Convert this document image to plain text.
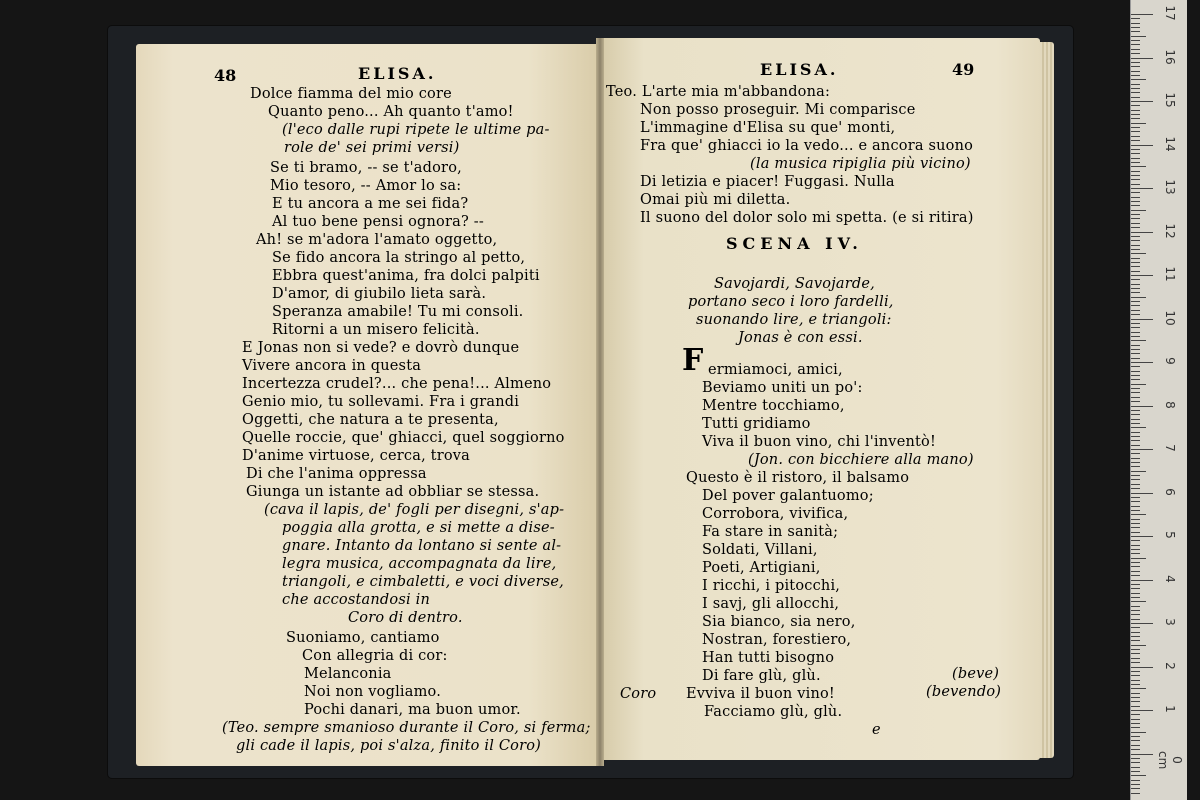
Dolce fiamma del mio core
Quanto peno... Ah quanto t'amo!
(l'eco dalle rupi ripete le ultime pa-
role de' sei primi versi)
Se ti bramo, -- se t'adoro,
Mio tesoro, -- Amor lo sa:
E tu ancora a me sei fida?
Al tuo bene pensi ognora? --
Ah! se m'adora l'amato oggetto,
Se fido ancora la stringo al petto,
Ebbra quest'anima, fra dolci palpiti
D'amor, di giubilo lieta sarà.
Speranza amabile! Tu mi consoli.
Ritorni a un misero felicità.
E Jonas non si vede? e dovrò dunque
Vivere ancora in questa
Incertezza crudel?... che pena!... Almeno
Genio mio, tu sollevami. Fra i grandi
Oggetti, che natura a te presenta,
Quelle roccie, que' ghiacci, quel soggiorno
D'anime virtuose, cerca, trova
Di che l'anima oppressa
Giunga un istante ad obbliar se stessa.
(cava il lapis, de' fogli per disegni, s'ap-
poggia alla grotta, e si mette a dise-
gnare. Intanto da lontano si sente al-
legra musica, accompagnata da lire,
triangoli, e cimbaletti, e voci diverse,
che accostandosi in
Coro di dentro.
Suoniamo, cantiamo
Con allegria di cor:
Melanconia
Noi non vogliamo.
Pochi danari, ma buon umor.
(Teo. sempre smanioso durante il Coro, si ferma;
gli cade il lapis, poi s'alza, finito il Coro)
Teo. L'arte mia m'abbandona:
Non posso proseguir. Mi comparisce
L'immagine d'Elisa su que' monti,
Fra que' ghiacci io la vedo... e ancora suono
(la musica ripiglia più vicino)
Di letizia e piacer! Fuggasi. Nulla
Omai più mi diletta.
Il suono del dolor solo mi spetta. (e si ritira)
Savojardi, Savojarde,
portano seco i loro fardelli,
suonando lire, e triangoli:
Jonas è con essi.
ermiamoci, amici,
Beviamo uniti un po':
Mentre tocchiamo,
Tutti gridiamo
Viva il buon vino, chi l'inventò!
(Jon. con bicchiere alla mano)
Questo è il ristoro, il balsamo
Del pover galantuomo;
Corrobora, vivifica,
Fa stare in sanità;
Soldati, Villani,
Poeti, Artigiani,
I ricchi, i pitocchi,
I savj, gli allocchi,
Sia bianco, sia nero,
Nostran, forestiero,
Han tutti bisogno
Di fare glù, glù.	(beve)
Coro Evviva il buon vino!	(bevendo)
Facciamo glù, glù.
e
48	ELISA.	ELISA.	49
SCENA IV.
F
17
16
15
14
13
12
11
10
9
8
7
6
5
4
3
2
1
0 cm
